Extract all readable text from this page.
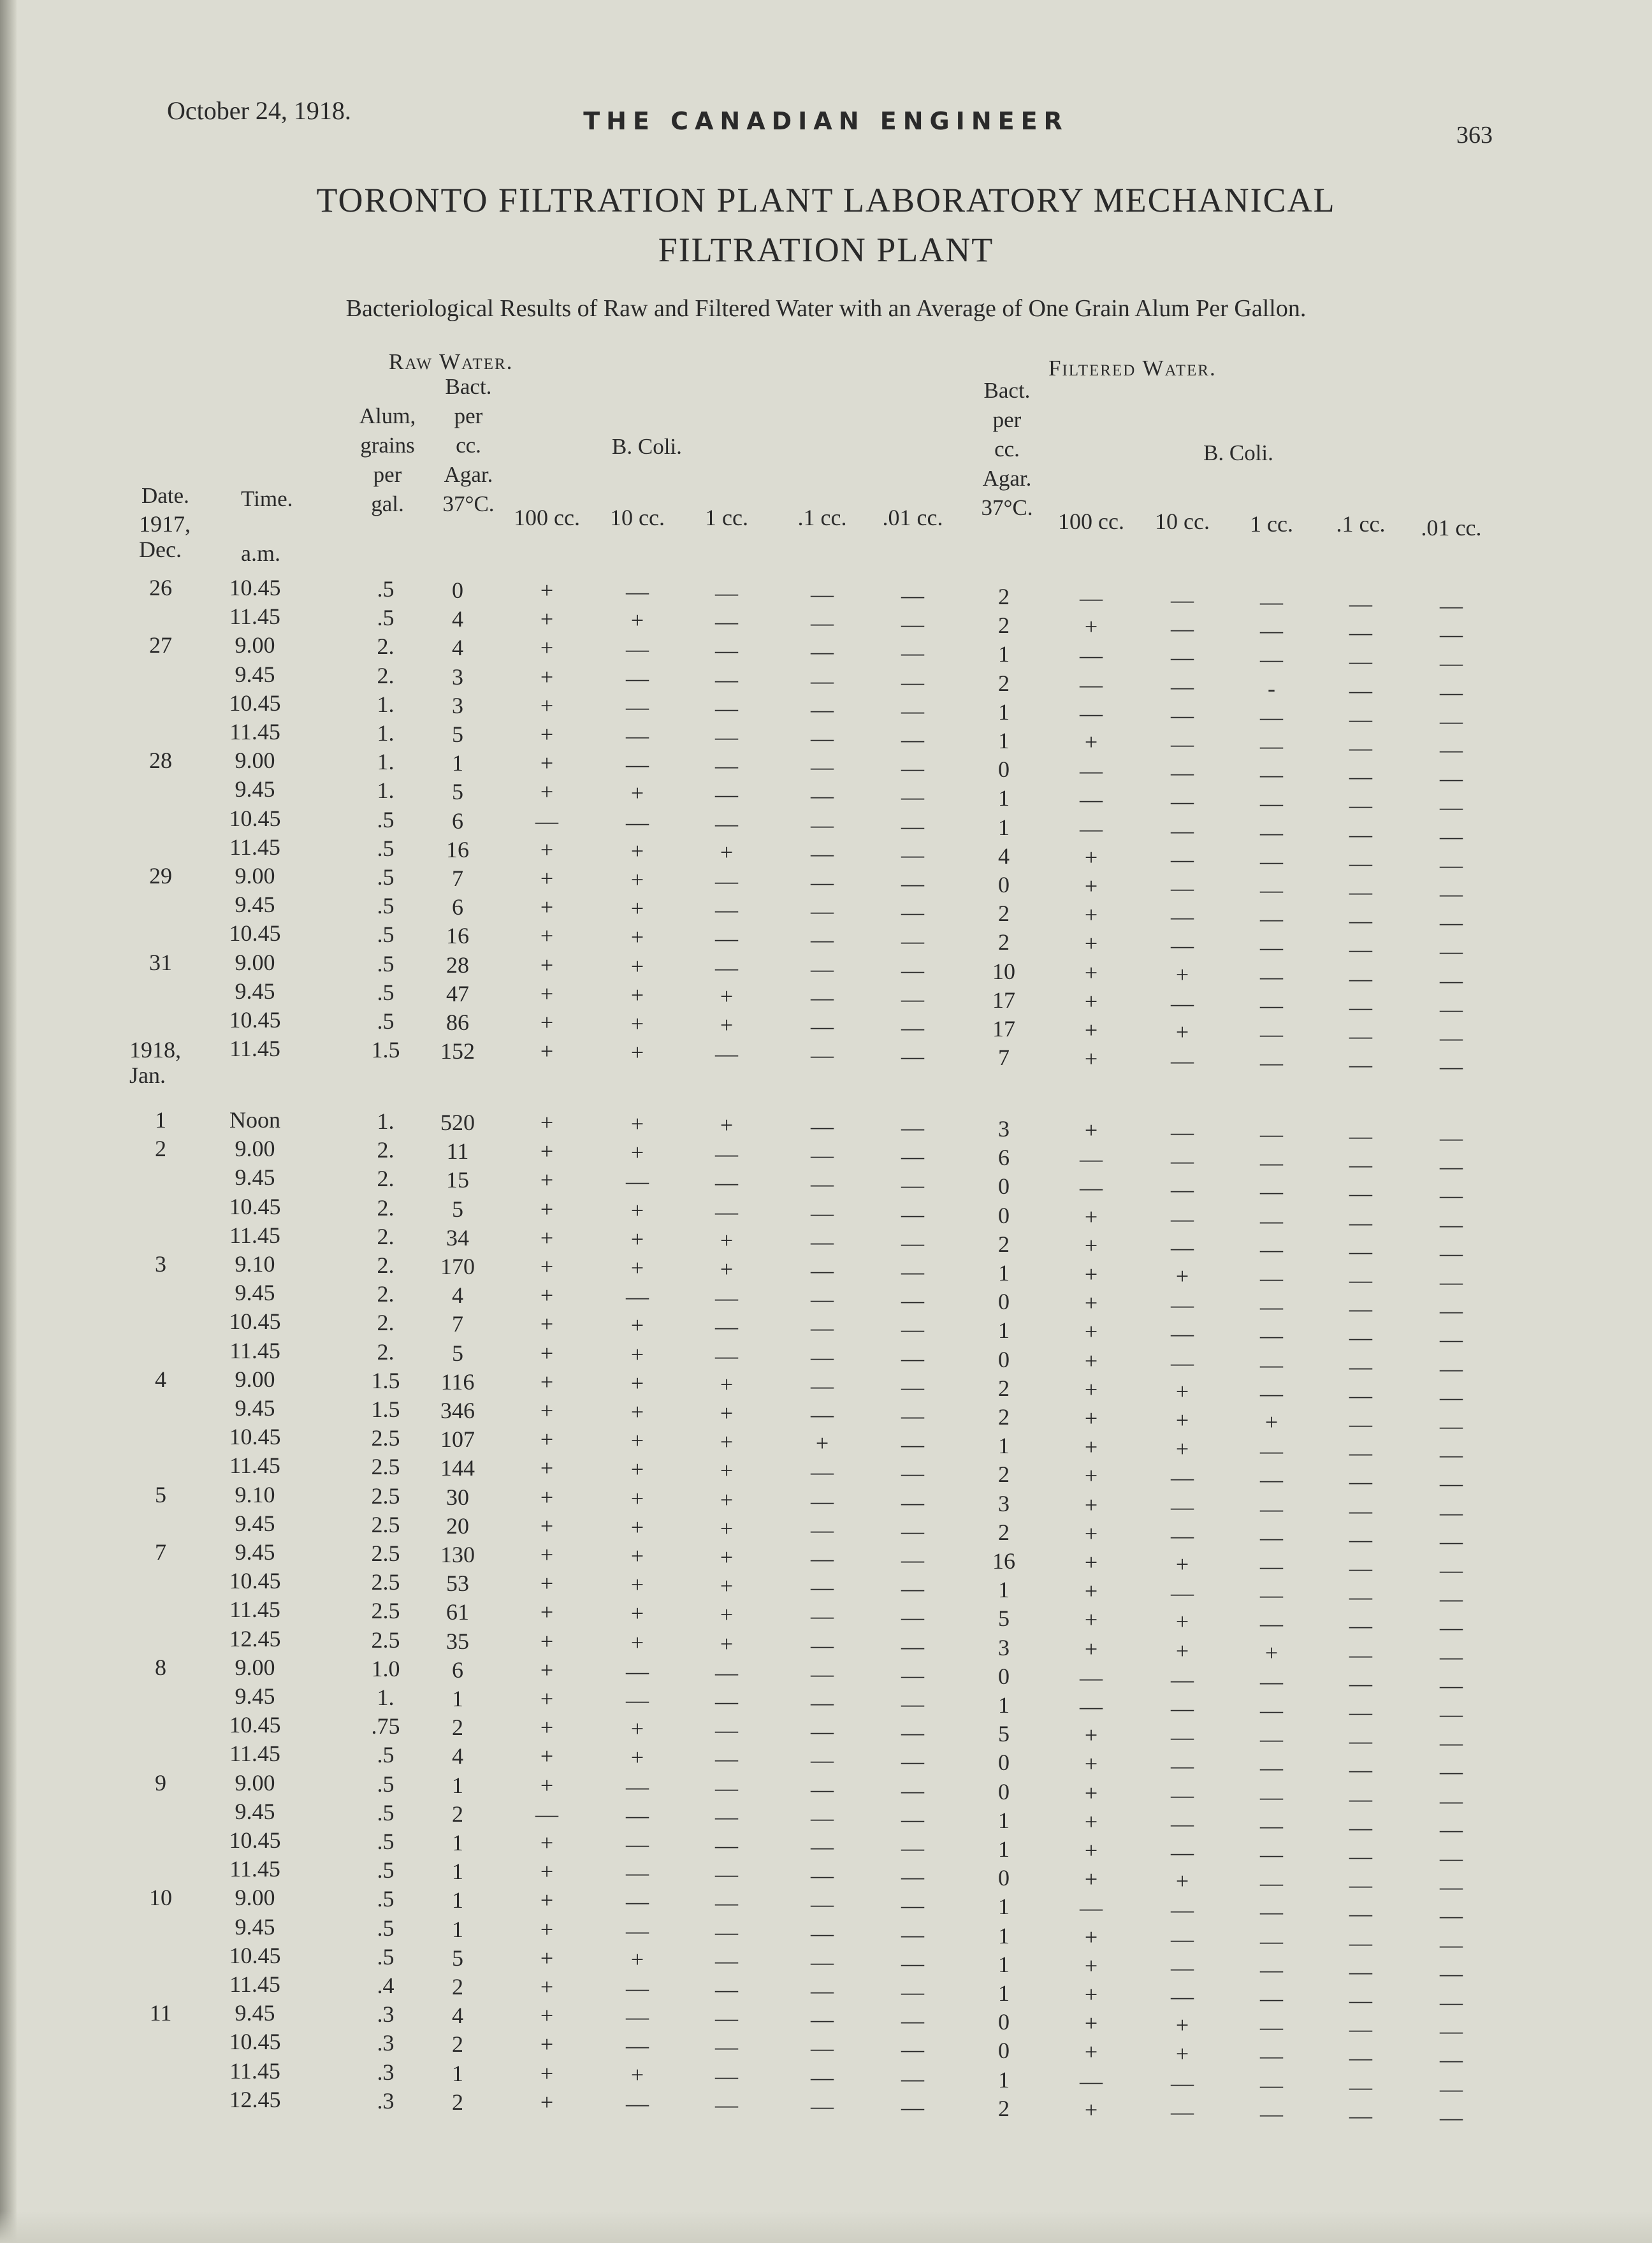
October 24, 1918.	THE CANADIAN ENGINEER	363
TORONTO FILTRATION PLANT LABORATORY MECHANICAL
FILTRATION PLANT
Bacteriological Results of Raw and Filtered Water with an Average of One Grain Alum Per Gallon.
Raw Water.	Filtered Water.
Alum,
grains
per
gal.
Bact.
per
cc.
Agar.
37°C.
B. Coli.
Bact.
per
cc.
Agar.
37°C.
B. Coli.
Date. Time.
100 cc.	100 cc.
10 cc.	10 cc.
1 cc.	1 cc.
.1 cc.	.1 cc.
.01 cc.	.01 cc.
1917,
Dec.	a.m.
1918,
Jan.
26	10.45	.5	0	+	—	—	—	—	2	—	—	—	—	—
11.45	.5	4	+	+	—	—	—	2	+	—	—	—	—
27	9.00	2.	4	+	—	—	—	—	1	—	—	—	—	—
9.45	2.	3	+	—	—	—	—	2	—	—	-	—	—
10.45	1.	3	+	—	—	—	—	1	—	—	—	—	—
11.45	1.	5	+	—	—	—	—	1	+	—	—	—	—
28	9.00	1.	1	+	—	—	—	—	0	—	—	—	—	—
9.45	1.	5	+	+	—	—	—	1	—	—	—	—	—
10.45	.5	6	—	—	—	—	—	1	—	—	—	—	—
11.45	.5	16	+	+	+	—	—	4	+	—	—	—	—
29	9.00	.5	7	+	+	—	—	—	0	+	—	—	—	—
9.45	.5	6	+	+	—	—	—	2	+	—	—	—	—
10.45	.5	16	+	+	—	—	—	2	+	—	—	—	—
31	9.00	.5	28	+	+	—	—	—	10	+	+	—	—	—
9.45	.5	47	+	+	+	—	—	17	+	—	—	—	—
10.45	.5	86	+	+	+	—	—	17	+	+	—	—	—
11.45	1.5	152	+	+	—	—	—	7	+	—	—	—	—
1	Noon	1.	520	+	+	+	—	—	3	+	—	—	—	—
2	9.00	2.	11	+	+	—	—	—	6	—	—	—	—	—
9.45	2.	15	+	—	—	—	—	0	—	—	—	—	—
10.45	2.	5	+	+	—	—	—	0	+	—	—	—	—
11.45	2.	34	+	+	+	—	—	2	+	—	—	—	—
3	9.10	2.	170	+	+	+	—	—	1	+	+	—	—	—
9.45	2.	4	+	—	—	—	—	0	+	—	—	—	—
10.45	2.	7	+	+	—	—	—	1	+	—	—	—	—
11.45	2.	5	+	+	—	—	—	0	+	—	—	—	—
4	9.00	1.5	116	+	+	+	—	—	2	+	+	—	—	—
9.45	1.5	346	+	+	+	—	—	2	+	+	+	—	—
10.45	2.5	107	+	+	+	+	—	1	+	+	—	—	—
11.45	2.5	144	+	+	+	—	—	2	+	—	—	—	—
5	9.10	2.5	30	+	+	+	—	—	3	+	—	—	—	—
9.45	2.5	20	+	+	+	—	—	2	+	—	—	—	—
7	9.45	2.5	130	+	+	+	—	—	16	+	+	—	—	—
10.45	2.5	53	+	+	+	—	—	1	+	—	—	—	—
11.45	2.5	61	+	+	+	—	—	5	+	+	—	—	—
12.45	2.5	35	+	+	+	—	—	3	+	+	+	—	—
8	9.00	1.0	6	+	—	—	—	—	0	—	—	—	—	—
9.45	1.	1	+	—	—	—	—	1	—	—	—	—	—
10.45	.75	2	+	+	—	—	—	5	+	—	—	—	—
11.45	.5	4	+	+	—	—	—	0	+	—	—	—	—
9	9.00	.5	1	+	—	—	—	—	0	+	—	—	—	—
9.45	.5	2	—	—	—	—	—	1	+	—	—	—	—
10.45	.5	1	+	—	—	—	—	1	+	—	—	—	—
11.45	.5	1	+	—	—	—	—	0	+	+	—	—	—
10	9.00	.5	1	+	—	—	—	—	1	—	—	—	—	—
9.45	.5	1	+	—	—	—	—	1	+	—	—	—	—
10.45	.5	5	+	+	—	—	—	1	+	—	—	—	—
11.45	.4	2	+	—	—	—	—	1	+	—	—	—	—
11	9.45	.3	4	+	—	—	—	—	0	+	+	—	—	—
10.45	.3	2	+	—	—	—	—	0	+	+	—	—	—
11.45	.3	1	+	+	—	—	—	1	—	—	—	—	—
12.45	.3	2	+	—	—	—	—	2	+	—	—	—	—
